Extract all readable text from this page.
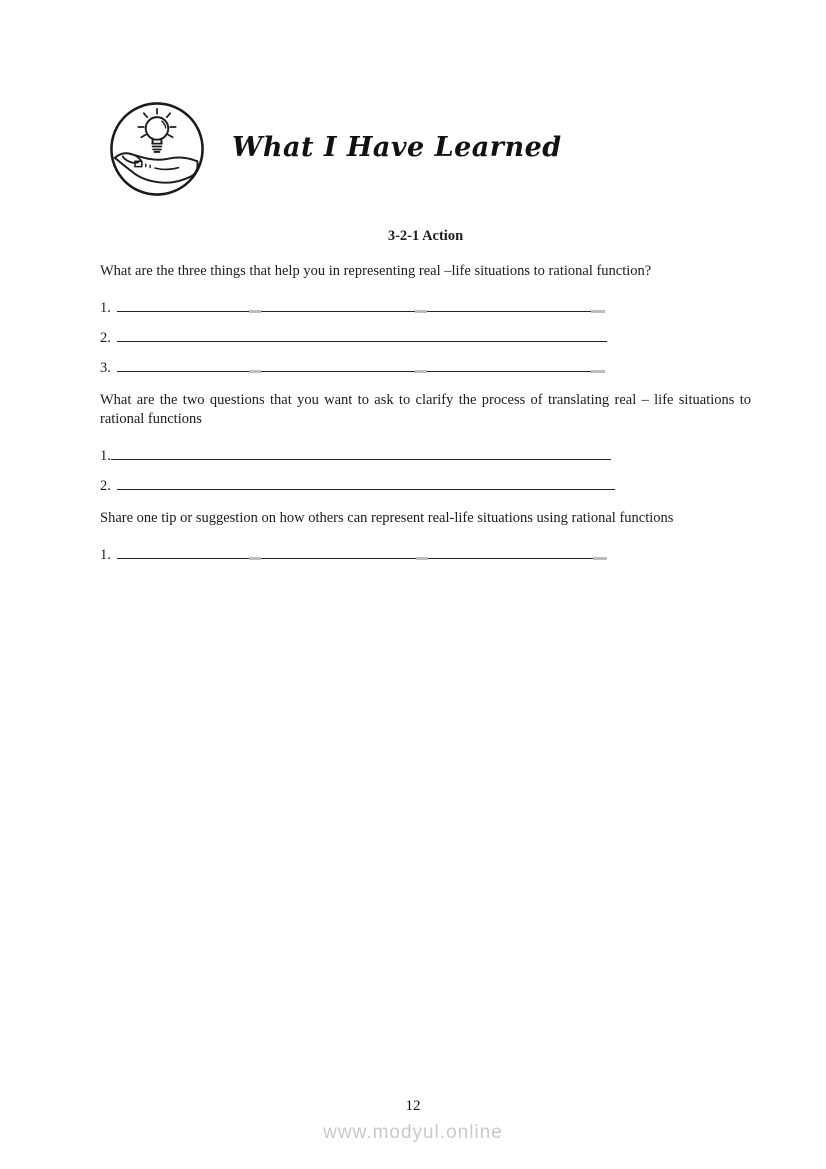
What I Have Learned
3-2-1 Action

What are the three things that help you in representing real –life situations to rational function?

1.
2.
3.

What are the two questions that you want to ask to clarify the process of translating real – life situations to rational functions

1.
2.

Share one tip or suggestion on how others can represent real-life situations using rational functions

1.
12
www.modyul.online
